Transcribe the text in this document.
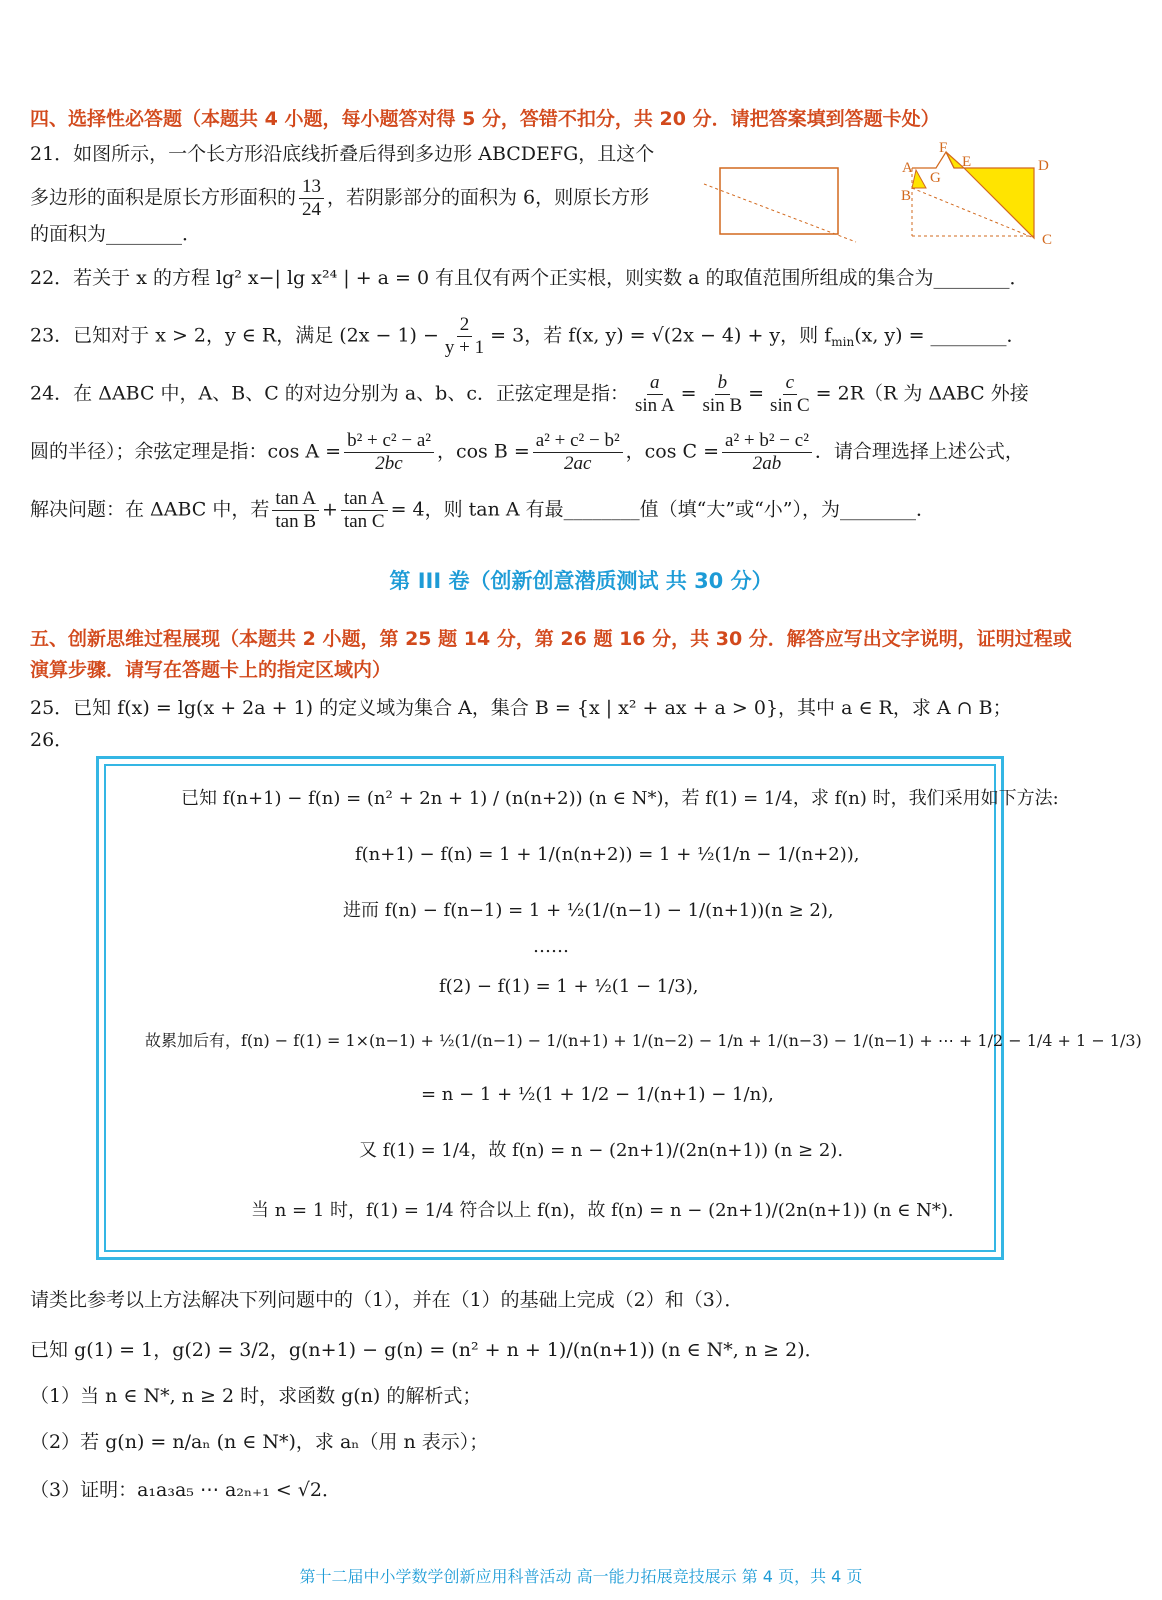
四、选择性必答题（本题共 4 小题，每小题答对得 5 分，答错不扣分，共 20 分．请把答案填到答题卡处）
21．如图所示，一个长方形沿底线折叠后得到多边形 ABCDEFG，且这个
多边形的面积是原长方形面积的 $\frac{13}{24}$ ，若阴影部分的面积为 6，则原长方形
的面积为________．
A
B
C
D
E
F
G
22．若关于 x 的方程 lg² x−| lg x²⁴ | + a = 0 有且仅有两个正实根，则实数 a 的取值范围所组成的集合为________．
23．已知对于 x > 2，y ∈ R，满足 $(2x - 1) - \frac{2}{y + 1} = 3$，若 f(x, y) = √(2x − 4) + y，则 $f_{min}(x$, y) = ________．
24．在 ΔABC 中，A、B、C 的对边分别为 a、b、c．正弦定理是指： $\frac{a}{\text{sin A}} = \frac{b}{\text{sin B}} = \frac{c}{\text{sin C}} = 2R(R$ 为 ΔABC 外接
圆的半径）；余弦定理是指：$\cos A = \frac{\text{b² + c² − a²}}{2bc}$ ，$\cos B = \frac{\text{a² + c² − b²}}{2ac}$ ，$\cos C = \frac{\text{a² + b² − c²}}{2ab}$ ．请合理选择上述公式，
解决问题：在 ΔABC 中，若 $\frac{\text{tan A}}{\text{tan B}} + \frac{\text{tan A}}{\text{tan C}} = 4$，则 tan A 有最________值（填“大”或“小”），为________．
第 III 卷（创新创意潜质测试 共 30 分）
五、创新思维过程展现（本题共 2 小题，第 25 题 14 分，第 26 题 16 分，共 30 分．解答应写出文字说明，证明过程或
演算步骤．请写在答题卡上的指定区域内）
25．已知 f(x) = lg(x + 2a + 1) 的定义域为集合 A，集合 B = {x | x² + ax + a > 0}，其中 a ∈ R，求 A ∩ B；
26．
已知 f(n+1) − f(n) = (n² + 2n + 1) / (n(n+2)) (n ∈ N*)，若 f(1) = 1/4，求 f(n) 时，我们采用如下方法:
f(n+1) − f(n) = 1 + 1/(n(n+2)) = 1 + ½(1/n − 1/(n+2)),
进而 f(n) − f(n−1) = 1 + ½(1/(n−1) − 1/(n+1))(n ≥ 2),
……
f(2) − f(1) = 1 + ½(1 − 1/3),
故累加后有，f(n) − f(1) = 1×(n−1) + ½(1/(n−1) − 1/(n+1) + 1/(n−2) − 1/n + 1/(n−3) − 1/(n−1) + ⋯ + 1/2 − 1/4 + 1 − 1/3)
= n − 1 + ½(1 + 1/2 − 1/(n+1) − 1/n),
又 f(1) = 1/4，故 f(n) = n − (2n+1)/(2n(n+1)) (n ≥ 2).
当 n = 1 时，f(1) = 1/4 符合以上 f(n)，故 f(n) = n − (2n+1)/(2n(n+1)) (n ∈ N*).
请类比参考以上方法解决下列问题中的（1），并在（1）的基础上完成（2）和（3）．
已知 g(1) = 1，g(2) = 3/2，g(n+1) − g(n) = (n² + n + 1)/(n(n+1)) (n ∈ N*, n ≥ 2)．
（1）当 n ∈ N*, n ≥ 2 时，求函数 g(n) 的解析式；
（2）若 g(n) = n/aₙ (n ∈ N*)，求 aₙ（用 n 表示）；
（3）证明：a₁a₃a₅ ⋯ a₂ₙ₊₁ < √2．
第十二届中小学数学创新应用科普活动 高一能力拓展竞技展示 第 4 页，共 4 页
